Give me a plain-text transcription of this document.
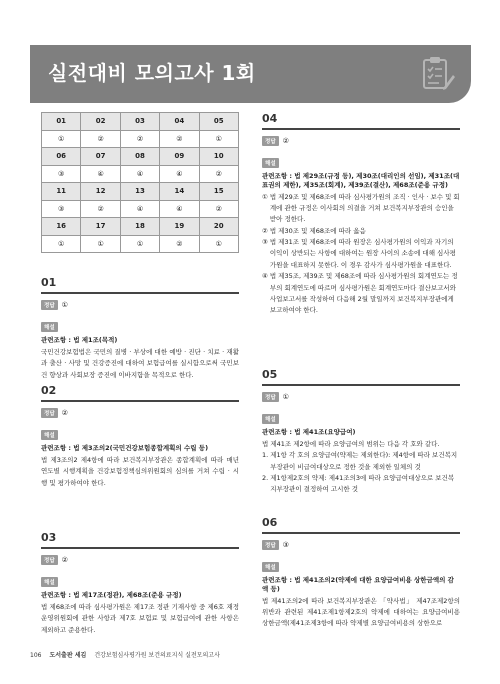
실전대비 모의고사 1회
01	02	03	04	05
①	②	②	②	①
06	07	08	09	10
③	④	④	④	②
11	12	13	14	15
③	②	④	④	②
16	17	18	19	20
①	①	①	②	①
01
정답	①
해설
관련조항 : 법 제1조(목적)
국민건강보험법은 국민의 질병 · 부상에 대한 예방 · 진단 · 치료 · 재활과 출산 · 사망 및 건강증진에 대하여 보험급여를 실시함으로써 국민보건 향상과 사회보장 증진에 이바지함을 목적으로 한다.
02
정답	②
해설
관련조항 : 법 제3조의2(국민건강보험종합계획의 수립 등)
법 제3조의2 제4항에 따라 보건복지부장관은 종합계획에 따라 매년 연도별 시행계획을 건강보험정책심의위원회의 심의를 거쳐 수립 · 시행 및 평가하여야 한다.
03
정답	②
해설
관련조항 : 법 제17조(정관), 제68조(준용 규정)
법 제68조에 따라 심사평가원은 제17조 정관 기재사항 중 제6호 재정운영위원회에 관한 사항과 제7호 보험료 및 보험급여에 관한 사항은 제외하고 준용한다.
04
정답	②
해설
관련조항 : 법 제29조(규정 등), 제30조(대리인의 선임), 제31조(대표권의 제한), 제35조(회계), 제39조(결산), 제68조(준용 규정)
① 법 제29조 및 제68조에 따라 심사평가원의 조직 · 인사 · 보수 및 회계에 관한 규정은 이사회의 의결을 거쳐 보건복지부장관의 승인을 받아 정한다.
② 법 제30조 및 제68조에 따라 옳음
③ 법 제31조 및 제68조에 따라 원장은 심사평가원의 이익과 자기의 이익이 상반되는 사항에 대하여는 원장 사이의 소송에 대해 심사평가원을 대표하지 못한다. 이 경우 감사가 심사평가원을 대표한다.
④ 법 제35조, 제39조 및 제68조에 따라 심사평가원의 회계연도는 정부의 회계연도에 따르며 심사평가원은 회계연도마다 결산보고서와 사업보고서를 작성하여 다음해 2월 말일까지 보건복지부장관에게 보고하여야 한다.
05
정답	①
해설
관련조항 : 법 제41조(요양급여)
법 제41조 제2항에 따라 요양급여의 범위는 다음 각 호와 같다.
1. 제1항 각 호의 요양급여(약제는 제외한다): 제4항에 따라 보건복지부장관이 비급여대상으로 정한 것을 제외한 일체의 것
2. 제1항제2호의 약제: 제41조의3에 따라 요양급여대상으로 보건복지부장관이 결정하여 고시한 것
06
정답	③
해설
관련조항 : 법 제41조의2(약제에 대한 요양급여비용 상한금액의 감액 등)
법 제41조의2에 따라 보건복지부장관은 「약사법」 제47조제2항의 위반과 관련된 제41조제1항제2호의 약제에 대하여는 요양급여비용 상한금액(제41조제3항에 따라 약제별 요양급여비용의 상한으로
106 도서출판 세김 건강보험심사평가원 보건의료지식 실전모의고사
